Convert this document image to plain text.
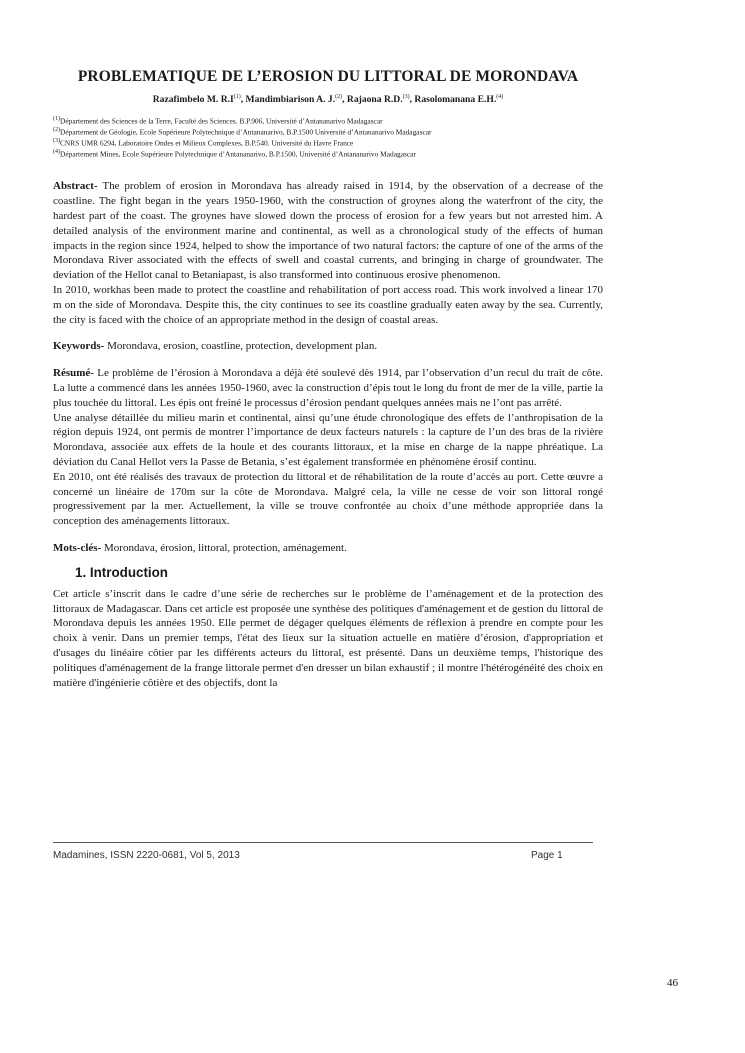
PROBLEMATIQUE DE L’EROSION DU LITTORAL DE MORONDAVA
Razafimbelo M. $R.I^{(1)}$, Mandimbiarison A. J.$^{(2)}$, Rajaona R.D.$^{(3)}$, Rasolomanana E.H.$^{(4)}$

$^{(1)}$Département des Sciences de la Terre, Faculté des Sciences. B.P.906, Université d’Antananarivo Madagascar

$^{(2)}$Département de Géologie, Ecole Supérieure Polytechnique d’Antananarivo, B.P.1500 Université d’Antananarivo Madagascar

$^{(3)}$CNRS UMR 6294, Laboratoire Ondes et Milieux Complexes, B.P.540. Université du Havre France

$^{(4)}$Département Mines, Ecole Supérieure Polytechnique d’Antananarivo, B.P.1500, Université d’Antananarivo Madagascar

Abstract- The problem of erosion in Morondava has already raised in 1914, by the observation of a decrease of the coastline. The fight began in the years 1950-1960, with the construction of groynes along the waterfront of the city, the hardest part of the coast. The groynes have slowed down the process of erosion for a few years but not arrested him. A detailed analysis of the environment marine and continental, as well as a chronological study of the effects of human impacts in the region since 1924, helped to show the importance of two natural factors: the capture of one of the arms of the Morondava River associated with the effects of swell and coastal currents, and bringing in charge of groundwater. The deviation of the Hellot canal to Betaniapast, is also transformed into continuous erosive phenomenon.

In 2010, workhas been made to protect the coastline and rehabilitation of port access road. This work involved a linear 170 m on the side of Morondava. Despite this, the city continues to see its coastline gradually eaten away by the sea. Currently, the city is faced with the choice of an appropriate method in the design of coastal areas.

Keywords- Morondava, erosion, coastline, protection, development plan.

Résumé- Le problème de l’érosion à Morondava a déjà été soulevé dès 1914, par l’observation d’un recul du trait de côte. La lutte a commencé dans les années 1950-1960, avec la construction d’épis tout le long du front de mer de la ville, partie la plus touchée du littoral. Les épis ont freiné le processus d’érosion pendant quelques années mais ne l’ont pas arrêté.

Une analyse détaillée du milieu marin et continental, ainsi qu’une étude chronologique des effets de l’anthropisation de la région depuis 1924, ont permis de montrer l’importance de deux facteurs naturels : la capture de l’un des bras de la rivière Morondava, associée aux effets de la houle et des courants littoraux, et la mise en charge de la nappe phréatique. La déviation du Canal Hellot vers la Passe de Betania, s’est également transformée en phénomène érosif continu.

En 2010, ont été réalisés des travaux de protection du littoral et de réhabilitation de la route d’accès au port. Cette œuvre a concerné un linéaire de 170m sur la côte de Morondava. Malgré cela, la ville ne cesse de voir son littoral rongé progressivement par la mer. Actuellement, la ville se trouve confrontée au choix d’une méthode appropriée dans la conception des aménagements littoraux.

Mots-clés- Morondava, érosion, littoral, protection, aménagement.

1. Introduction

Cet article s’inscrit dans le cadre d’une série de recherches sur le problème de l’aménagement et de la protection des littoraux de Madagascar. Dans cet article est proposée une synthèse des politiques d'aménagement et de gestion du littoral de Morondava depuis les années 1950. Elle permet de dégager quelques éléments de réflexion à prendre en compte pour les choix à venir. Dans un premier temps, l'état des lieux sur la situation actuelle en matière d’érosion, d'appropriation et d'usages du linéaire côtier par les différents acteurs du littoral, est présenté. Dans un deuxième temps, l'historique des politiques d'aménagement de la frange littorale permet d'en dresser un bilan exhaustif ; il montre l'hétérogénéité des choix en matière d'ingénierie côtière et des objectifs, dont la

Madamines, ISSN 2220-0681, Vol 5, 2013	Page 1
46
